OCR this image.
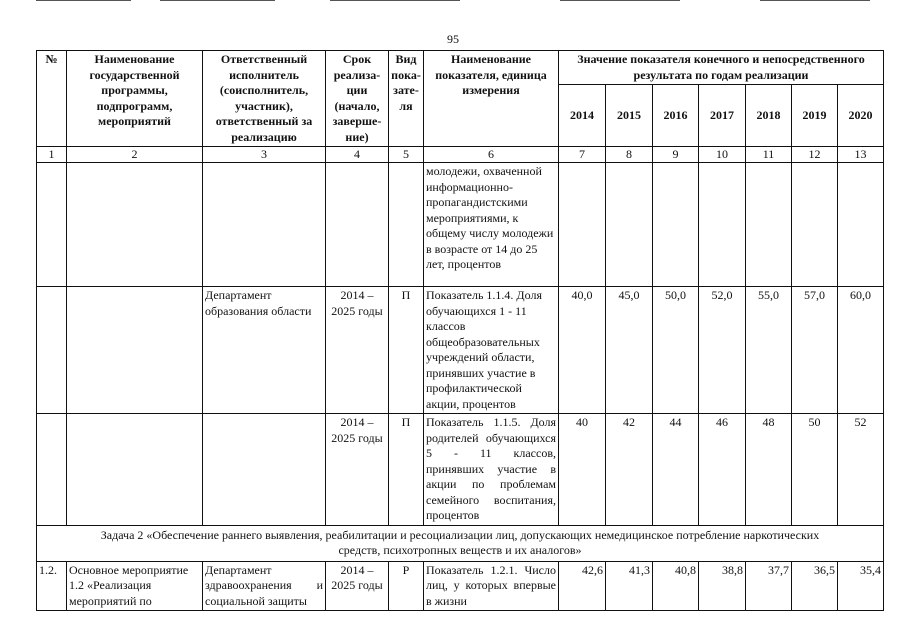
95
№	Наименование государственной программы, подпрограмм, мероприятий	Ответственный исполнитель (соисполнитель, участник), ответственный за реализацию	Срок реализа-ции (начало, заверше-ние)	Вид пока-зате-ля	Наименование показателя, единица измерения	Значение показателя конечного и непосредственного результата по годам реализации						
						2014	2015	2016	2017	2018	2019	2020
1	2	3	4	5	6	7	8	9	10	11	12	13
					молодежи, охваченной информационно-пропагандистскими мероприятиями, к общему числу молодежи в возрасте от 14 до 25 лет, процентов							
		Департамент образования области	2014 – 2025 годы	П	Показатель 1.1.4. Доля обучающихся 1 - 11 классов общеобразовательных учреждений области, принявших участие в профилактической акции, процентов	40,0	45,0	50,0	52,0	55,0	57,0	60,0
			2014 – 2025 годы	П	Показатель 1.1.5. Доля родителей обучающихся 5 - 11 классов, принявших участие в акции по проблемам семейного воспитания, процентов	40	42	44	46	48	50	52
Задача 2 «Обеспечение раннего выявления, реабилитации и ресоциализации лиц, допускающих немедицинское потребление наркотических средств, психотропных веществ и их аналогов»												
1.2.	Основное мероприятие 1.2 «Реализация мероприятий по	Департамент здравоохранения и социальной защиты	2014 – 2025 годы	Р	Показатель 1.2.1. Число лиц, у которых впервые в жизни	42,6	41,3	40,8	38,8	37,7	36,5	35,4
